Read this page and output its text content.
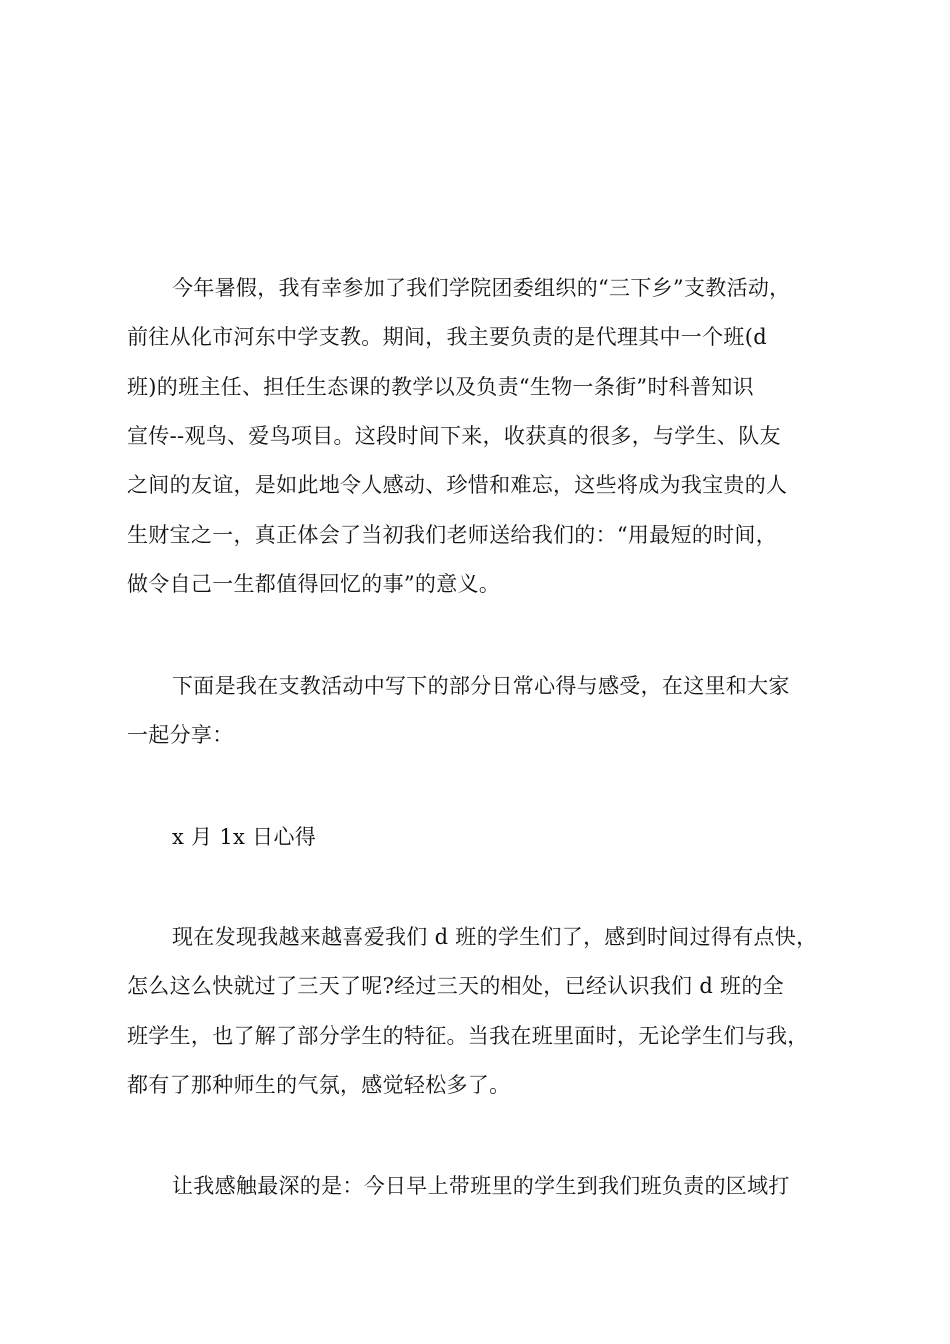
今年暑假，我有幸参加了我们学院团委组织的“三下乡”支教活动，
前往从化市河东中学支教。期间，我主要负责的是代理其中一个班(d
班)的班主任、担任生态课的教学以及负责“生物一条街”时科普知识
宣传--观鸟、爱鸟项目。这段时间下来，收获真的很多，与学生、队友
之间的友谊，是如此地令人感动、珍惜和难忘，这些将成为我宝贵的人
生财宝之一，真正体会了当初我们老师送给我们的：“用最短的时间，
做令自己一生都值得回忆的事”的意义。
下面是我在支教活动中写下的部分日常心得与感受，在这里和大家
一起分享：
x 月 1x 日心得
现在发现我越来越喜爱我们 d 班的学生们了，感到时间过得有点快，
怎么这么快就过了三天了呢?经过三天的相处，已经认识我们 d 班的全
班学生，也了解了部分学生的特征。当我在班里面时，无论学生们与我，
都有了那种师生的气氛，感觉轻松多了。
让我感触最深的是：今日早上带班里的学生到我们班负责的区域打
